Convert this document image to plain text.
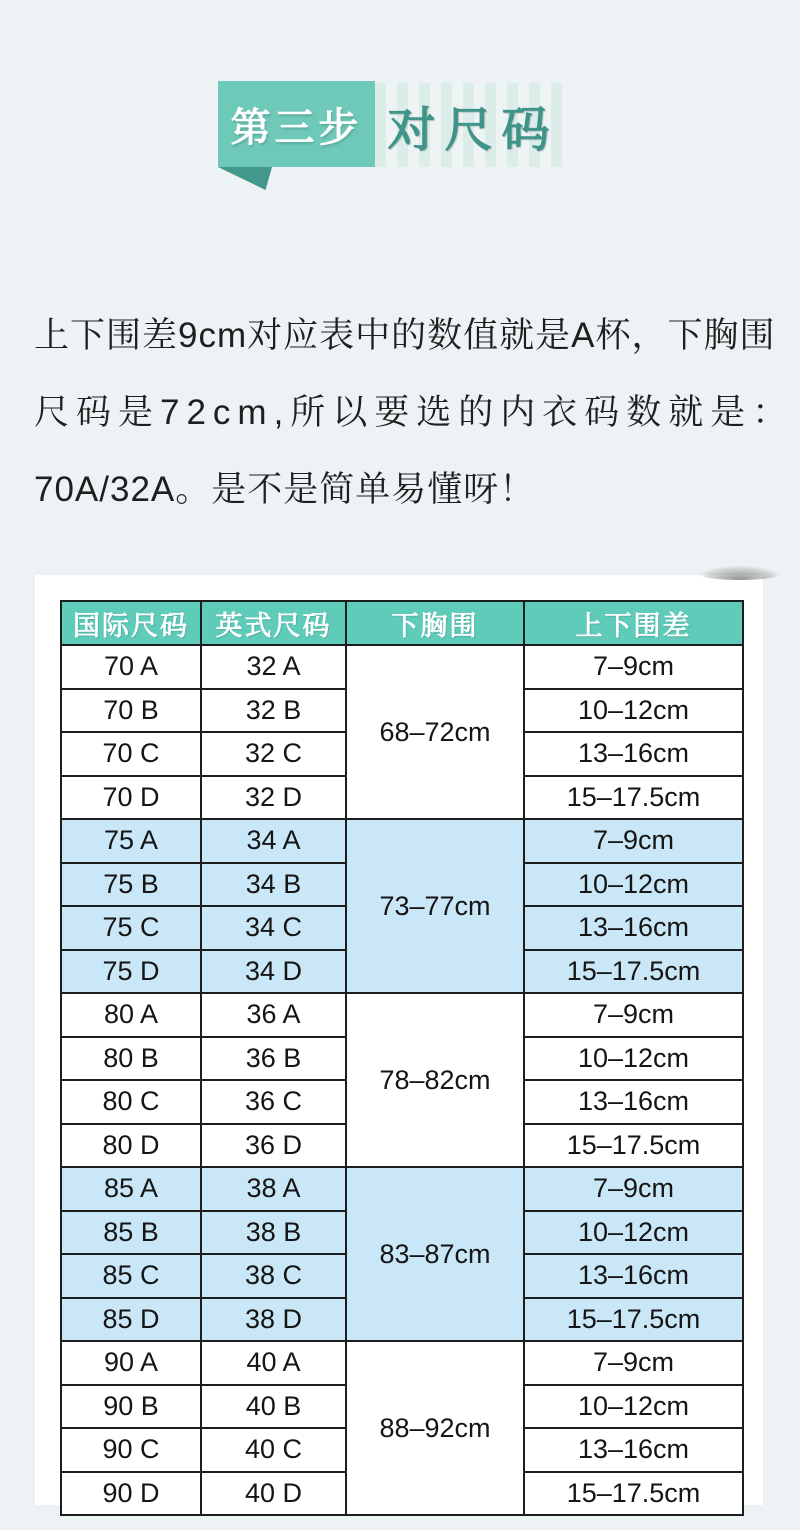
第三步 对尺码
上下围差9cm对应表中的数值就是A杯，下胸围
尺码是72cm,所以要选的内衣码数就是：
70A/32A。是不是简单易懂呀！
国际尺码	英式尺码	下胸围	上下围差
70 A	32 A	68–72cm	7–9cm
70 B	32 B		10–12cm
70 C	32 C		13–16cm
70 D	32 D		15–17.5cm
75 A	34 A	73–77cm	7–9cm
75 B	34 B		10–12cm
75 C	34 C		13–16cm
75 D	34 D		15–17.5cm
80 A	36 A	78–82cm	7–9cm
80 B	36 B		10–12cm
80 C	36 C		13–16cm
80 D	36 D		15–17.5cm
85 A	38 A	83–87cm	7–9cm
85 B	38 B		10–12cm
85 C	38 C		13–16cm
85 D	38 D		15–17.5cm
90 A	40 A	88–92cm	7–9cm
90 B	40 B		10–12cm
90 C	40 C		13–16cm
90 D	40 D		15–17.5cm
